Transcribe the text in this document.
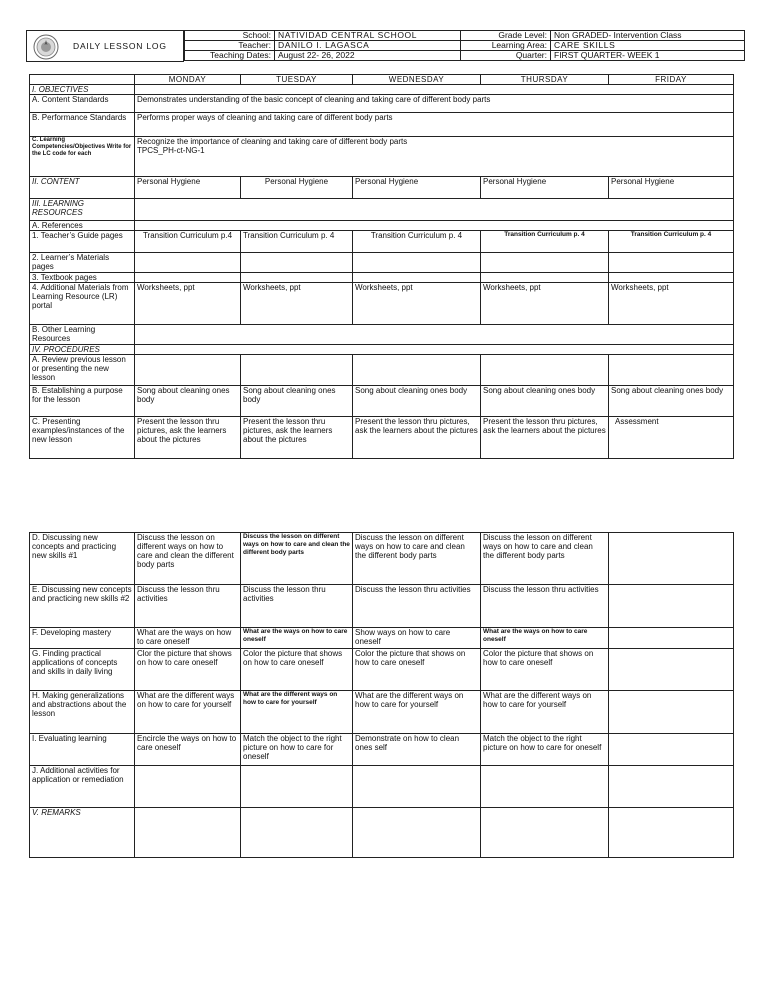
DAILY LESSON LOG
School:	NATIVIDAD CENTRAL SCHOOL	Grade Level:	Non GRADED- Intervention Class
Teacher:	DANILO I. LAGASCA	Learning Area:	CARE SKILLS
Teaching Dates:	August 22- 26, 2022	Quarter:	FIRST QUARTER- WEEK 1
	MONDAY	TUESDAY	WEDNESDAY	THURSDAY	FRIDAY
I. OBJECTIVES					
A. Content Standards	Demonstrates understanding of the basic concept of cleaning and taking care of different body parts				
B. Performance Standards	Performs proper ways of cleaning and taking care of different body parts				
C. Learning Competencies/Objectives Write for the LC code for each	Recognize the importance of cleaning and taking care of different body parts
TPCS_PH-ct-NG-1				

II. CONTENT	Personal Hygiene	Personal Hygiene	Personal Hygiene	Personal Hygiene	Personal Hygiene
III. LEARNING RESOURCES					
A. References					
1. Teacher’s Guide pages	Transition Curriculum p.4	Transition Curriculum p. 4	Transition Curriculum p. 4	Transition Curriculum p. 4	Transition Curriculum p. 4
2. Learner’s Materials pages					
3. Textbook pages					
4. Additional Materials from Learning Resource (LR) portal	Worksheets, ppt	Worksheets, ppt	Worksheets, ppt	Worksheets, ppt	Worksheets, ppt
B. Other Learning Resources					
IV. PROCEDURES					
A. Review previous lesson or presenting the new lesson					
B. Establishing a purpose for the lesson	Song about cleaning ones body	Song about cleaning ones body	Song about cleaning ones body	Song about cleaning ones body	Song about cleaning ones body
C. Presenting examples/instances of the new lesson	Present the lesson thru pictures, ask the learners about the pictures	Present the lesson thru pictures, ask the learners about the pictures	Present the lesson thru pictures, ask the learners about the pictures	Present the lesson thru pictures, ask the learners about the pictures	Assessment
D. Discussing new concepts and practicing new skills #1	Discuss the lesson on different ways on how to care and clean the different body parts	Discuss the lesson on different ways on how to care and clean the different body parts	Discuss the lesson on different ways on how to care and clean the different body parts	Discuss the lesson on different ways on how to care and clean the different body parts	
E. Discussing new concepts and practicing new skills #2	Discuss the lesson thru activities	Discuss the lesson thru activities	Discuss the lesson thru activities	Discuss the lesson thru activities	
F. Developing mastery	What are the ways on how to care oneself	What are the ways on how to care oneself	Show ways on how to care oneself	What are the ways on how to care oneself	
G. Finding practical applications of concepts and skills in daily living	Clor the picture that shows on how to care oneself	Color the picture that shows on how to care oneself	Color the picture that shows on how to care oneself	Color the picture that shows on how to care oneself	
H. Making generalizations and abstractions about the lesson	What are the different ways on how to care for yourself	What are the different ways on how to care for yourself	What are the different ways on how to care for yourself	What are the different ways on how to care for yourself	
I. Evaluating learning	Encircle the ways on how to care oneself	Match the object to the right picture on how to care for oneself	Demonstrate on how to clean ones self	Match the object to the right picture on how to care for oneself	
J. Additional activities for application or remediation					
V. REMARKS					
